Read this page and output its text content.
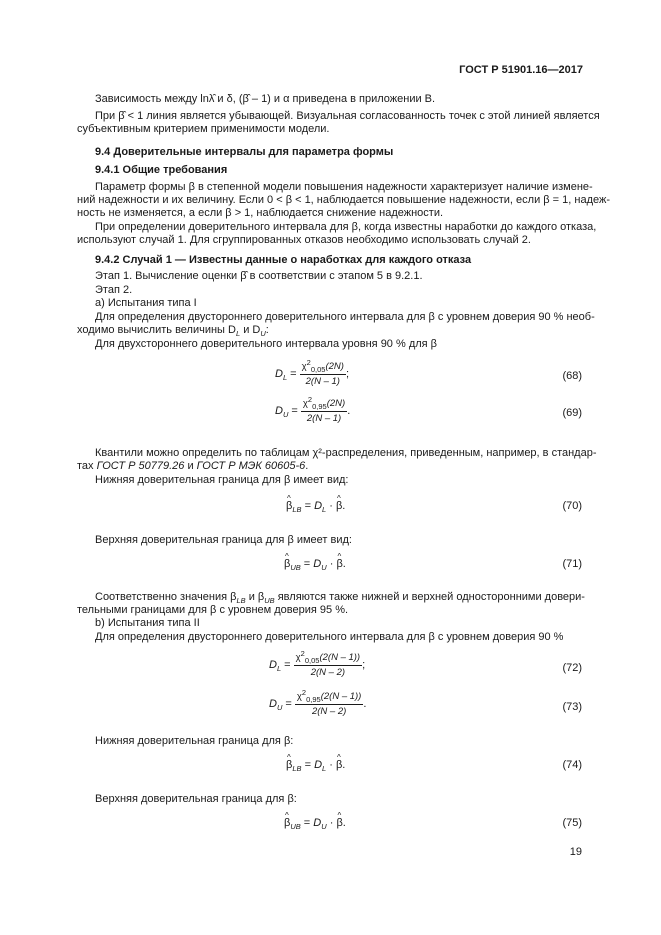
ГОСТ Р 51901.16—2017
Зависимость между lnλ̂ и δ, (β̂ – 1) и α приведена в приложении В.
При β̂ < 1 линия является убывающей. Визуальная согласованность точек с этой линией является
субъективным критерием применимости модели.
9.4 Доверительные интервалы для параметра формы
9.4.1 Общие требования
Параметр формы β в степенной модели повышения надежности характеризует наличие измене-
ний надежности и их величину. Если 0 < β < 1, наблюдается повышение надежности, если β = 1, надеж-
ность не изменяется, а если β > 1, наблюдается снижение надежности.
При определении доверительного интервала для β, когда известны наработки до каждого отказа,
используют случай 1. Для сгруппированных отказов необходимо использовать случай 2.
9.4.2 Случай 1 — Известны данные о наработках для каждого отказа
Этап 1. Вычисление оценки β̂ в соответствии с этапом 5 в 9.2.1.
Этап 2.
а) Испытания типа I
Для определения двустороннего доверительного интервала для β с уровнем доверия 90 % необ-
ходимо вычислить величины $D_L$ и $D_U$:
Для двухстороннего доверительного интервала уровня 90 % для β
$D_L = \frac{\chi^2_{0,05}(2N)}{2(N - 1)}$ ;	(68)
$D_U = \frac{\chi^2_{0,95}(2N)}{2(N - 1)}$ .	(69)
Квантили можно определить по таблицам χ²-распределения, приведенным, например, в стандар-
тах ГОСТ Р 50779.26 и ГОСТ Р МЭК 60605-6.
Нижняя доверительная граница для β имеет вид:
^ $\beta_{LB} = D_L$ · ^ β.	(70)
Верхняя доверительная граница для β имеет вид:
^ $\beta_{UB} = D_U$ · ^ β.	(71)
Соответственно значения $\beta_{LB}$ и $\beta_{UB}$ являются также нижней и верхней односторонними довери-
тельными границами для β с уровнем доверия 95 %.
b) Испытания типа II
Для определения двустороннего доверительного интервала для β с уровнем доверия 90 %
$D_L = \frac{\chi^2_{0,05}(2(N - 1))}{2(N - 2)}$ ;	(72)
$D_U = \frac{\chi^2_{0,95}(2(N - 1))}{2(N - 2)}$ .	(73)
Нижняя доверительная граница для β:
^ $\beta_{LB} = D_L$ · ^ β.	(74)
Верхняя доверительная граница для β:
^ $\beta_{UB} = D_U$ · ^ β.	(75)
19
